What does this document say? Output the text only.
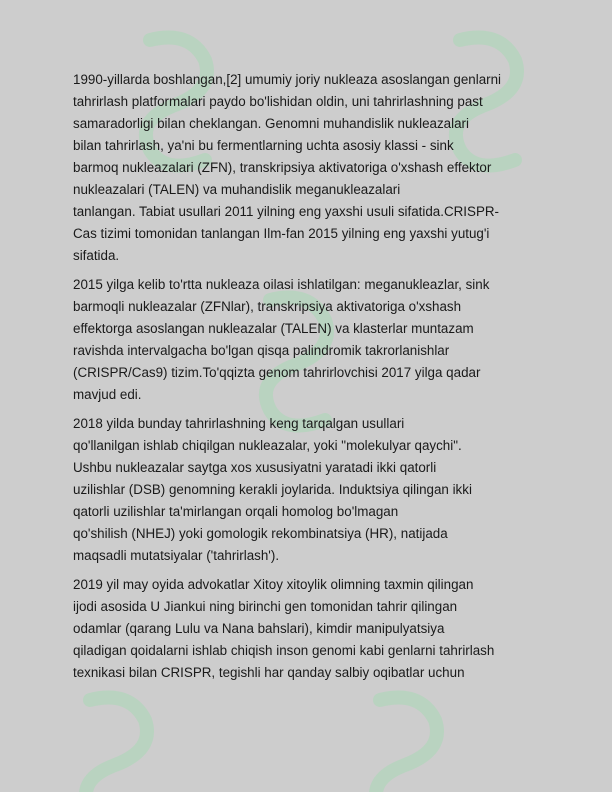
1990-yillarda boshlangan,[2] umumiy joriy nukleaza asoslangan genlarni
tahrirlash platformalari paydo bo'lishidan oldin, uni tahrirlashning past
samaradorligi bilan cheklangan. Genomni muhandislik nukleazalari
bilan tahrirlash, ya'ni bu fermentlarning uchta asosiy klassi - sink
barmoq nukleazalari (ZFN), transkripsiya aktivatoriga o'xshash effektor
nukleazalari (TALEN) va muhandislik meganukleazalari
tanlangan. Tabiat usullari 2011 yilning eng yaxshi usuli sifatida.CRISPR-
Cas tizimi tomonidan tanlangan Ilm-fan 2015 yilning eng yaxshi yutug'i
sifatida.

2015 yilga kelib to'rtta nukleaza oilasi ishlatilgan: meganukleazlar, sink
barmoqli nukleazalar (ZFNlar), transkripsiya aktivatoriga o'xshash
effektorga asoslangan nukleazalar (TALEN) va klasterlar muntazam
ravishda intervalgacha bo'lgan qisqa palindromik takrorlanishlar
(CRISPR/Cas9) tizim.To'qqizta genom tahrirlovchisi 2017 yilga qadar
mavjud edi.

2018 yilda bunday tahrirlashning keng tarqalgan usullari
qo'llanilgan ishlab chiqilgan nukleazalar, yoki "molekulyar qaychi".
Ushbu nukleazalar saytga xos xususiyatni yaratadi ikki qatorli
uzilishlar (DSB) genomning kerakli joylarida. Induktsiya qilingan ikki
qatorli uzilishlar ta'mirlangan orqali homolog bo'lmagan
qo'shilish (NHEJ) yoki gomologik rekombinatsiya (HR), natijada
maqsadli mutatsiyalar ('tahrirlash').

2019 yil may oyida advokatlar Xitoy xitoylik olimning taxmin qilingan
ijodi asosida U Jiankui ning birinchi gen tomonidan tahrir qilingan
odamlar (qarang Lulu va Nana bahslari), kimdir manipulyatsiya
qiladigan qoidalarni ishlab chiqish inson genomi kabi genlarni tahrirlash
texnikasi bilan CRISPR, tegishli har qanday salbiy oqibatlar uchun
